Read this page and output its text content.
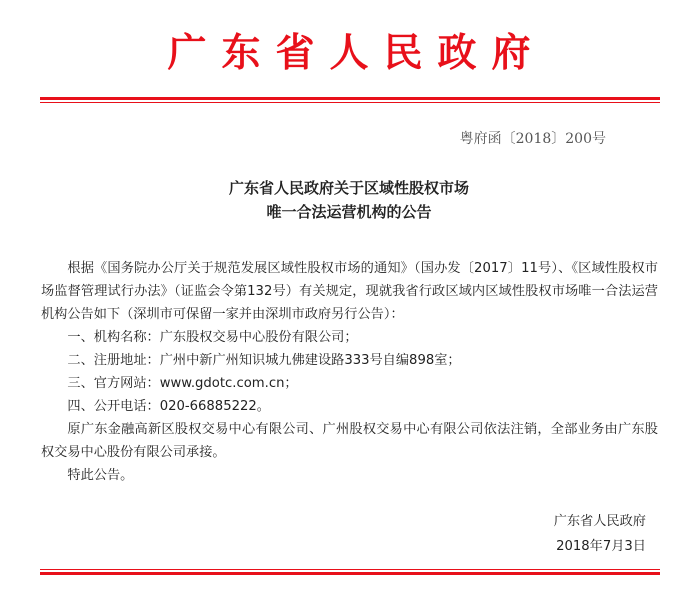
广东省人民政府
粤府函〔2018〕200号
广东省人民政府关于区域性股权市场
唯一合法运营机构的公告

根据《国务院办公厅关于规范发展区域性股权市场的通知》（国办发〔2017〕11号）、《区域性股权市场监督管理试行办法》（证监会令第132号）有关规定，现就我省行政区域内区域性股权市场唯一合法运营机构公告如下（深圳市可保留一家并由深圳市政府另行公告）：

一、机构名称：广东股权交易中心股份有限公司；

二、注册地址：广州中新广州知识城九佛建设路333号自编898室；

三、官方网站：www.gdotc.com.cn；

四、公开电话：020-66885222。

原广东金融高新区股权交易中心有限公司、广州股权交易中心有限公司依法注销，全部业务由广东股权交易中心股份有限公司承接。

特此公告。

广东省人民政府
2018年7月3日
